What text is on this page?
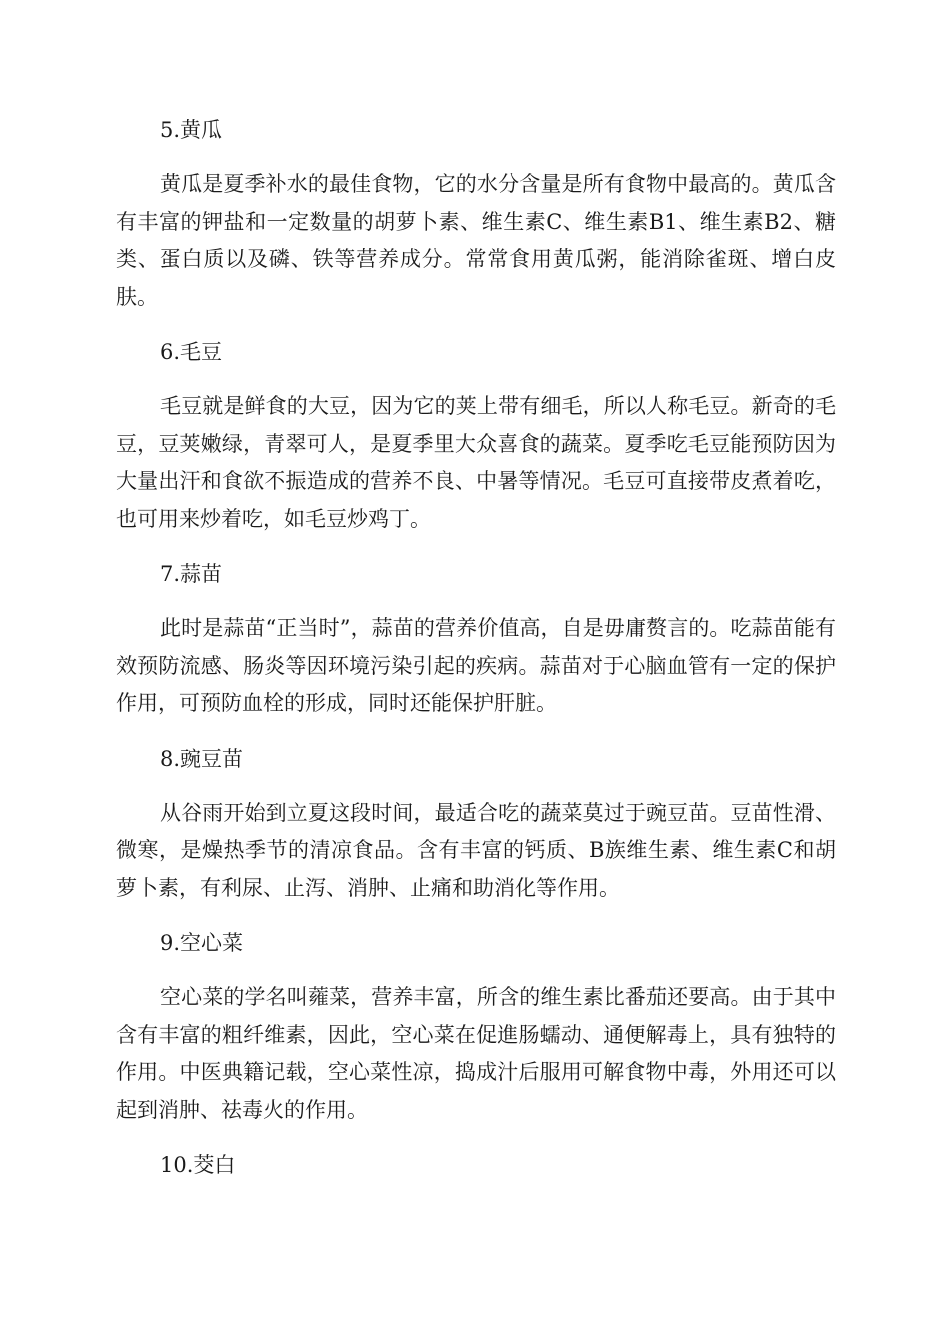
5.黄瓜

黄瓜是夏季补水的最佳食物，它的水分含量是所有食物中最高的。黄瓜含有丰富的钾盐和一定数量的胡萝卜素、维生素C、维生素B1、维生素B2、糖类、蛋白质以及磷、铁等营养成分。常常食用黄瓜粥，能消除雀斑、增白皮肤。

6.毛豆

毛豆就是鲜食的大豆，因为它的荚上带有细毛，所以人称毛豆。新奇的毛豆，豆荚嫩绿，青翠可人，是夏季里大众喜食的蔬菜。夏季吃毛豆能预防因为大量出汗和食欲不振造成的营养不良、中暑等情况。毛豆可直接带皮煮着吃，也可用来炒着吃，如毛豆炒鸡丁。

7.蒜苗

此时是蒜苗“正当时”，蒜苗的营养价值高，自是毋庸赘言的。吃蒜苗能有效预防流感、肠炎等因环境污染引起的疾病。蒜苗对于心脑血管有一定的保护作用，可预防血栓的形成，同时还能保护肝脏。

8.豌豆苗

从谷雨开始到立夏这段时间，最适合吃的蔬菜莫过于豌豆苗。豆苗性滑、微寒，是燥热季节的清凉食品。含有丰富的钙质、B族维生素、维生素C和胡萝卜素，有利尿、止泻、消肿、止痛和助消化等作用。

9.空心菜

空心菜的学名叫蕹菜，营养丰富，所含的维生素比番茄还要高。由于其中含有丰富的粗纤维素，因此，空心菜在促進肠蠕动、通便解毒上，具有独特的作用。中医典籍记载，空心菜性凉，捣成汁后服用可解食物中毒，外用还可以起到消肿、祛毒火的作用。

10.茭白
